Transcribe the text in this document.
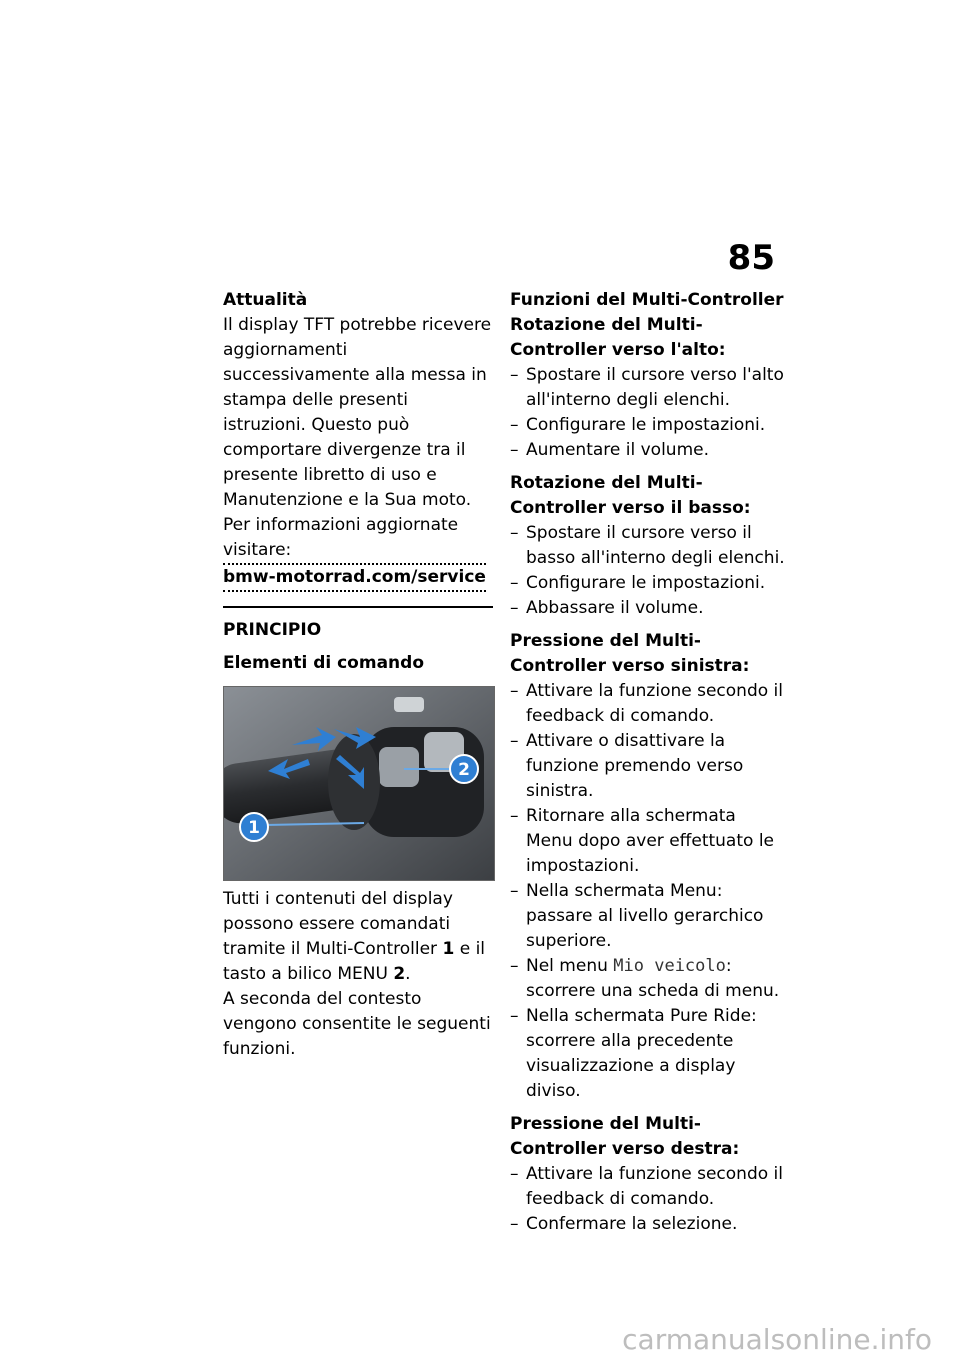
85
Attualità
Il display TFT potrebbe ricevere aggiornamenti successivamente alla messa in stampa delle presenti istruzioni. Questo può comportare divergenze tra il presente libretto di uso e Manutenzione e la Sua moto. Per informazioni aggiornate visitare:
bmw-motorrad.com/service
PRINCIPIO
Elementi di comando
1
2
Tutti i contenuti del display possono essere comandati tramite il Multi-Controller 1 e il tasto a bilico MENU 2.
A seconda del contesto vengono consentite le seguenti funzioni.
Funzioni del Multi-Controller
Rotazione del Multi-Controller verso l'alto:
– Spostare il cursore verso l'alto all'interno degli elenchi.
– Configurare le impostazioni.
– Aumentare il volume.
Rotazione del Multi-Controller verso il basso:
– Spostare il cursore verso il basso all'interno degli elenchi.
– Configurare le impostazioni.
– Abbassare il volume.
Pressione del Multi-Controller verso sinistra:
– Attivare la funzione secondo il feedback di comando.
– Attivare o disattivare la funzione premendo verso sinistra.
– Ritornare alla schermata Menu dopo aver effettuato le impostazioni.
– Nella schermata Menu: passare al livello gerarchico superiore.
– Nel menu Mio veicolo: scorrere una scheda di menu.
– Nella schermata Pure Ride: scorrere alla precedente visualizzazione a display diviso.
Pressione del Multi-Controller verso destra:
– Attivare la funzione secondo il feedback di comando.
– Confermare la selezione.
carmanualsonline.info
